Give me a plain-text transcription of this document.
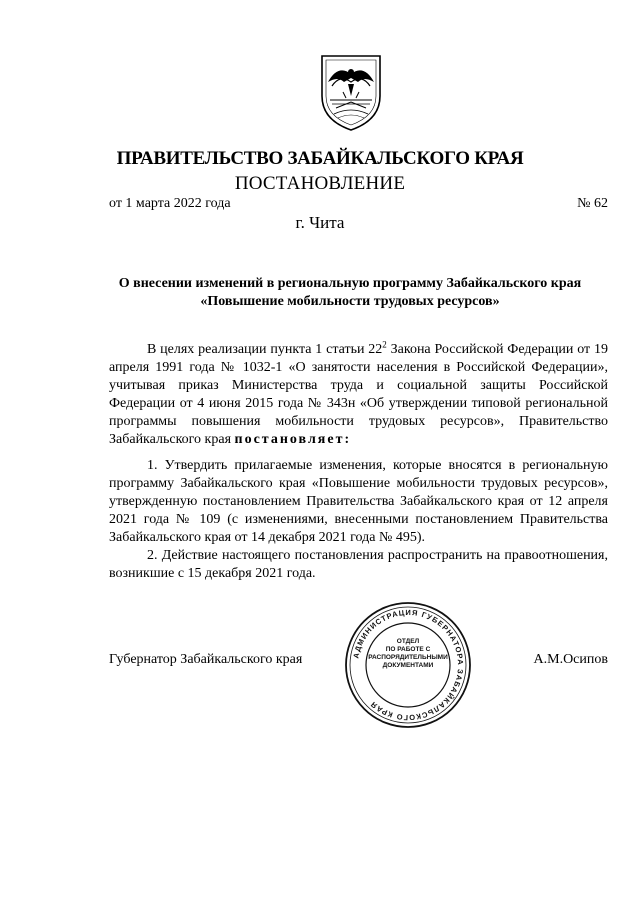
ПРАВИТЕЛЬСТВО ЗАБАЙКАЛЬСКОГО КРАЯ
ПОСТАНОВЛЕНИЕ
от 1 марта 2022 года	№ 62
г. Чита
О внесении изменений в региональную программу Забайкальского края
«Повышение мобильности трудовых ресурсов»

В целях реализации пункта 1 статьи $22^2$ Закона Российской Федерации от 19 апреля 1991 года № 1032-1 «О занятости населения в Российской Федерации», учитывая приказ Министерства труда и социальной защиты Российской Федерации от 4 июня 2015 года № 343н «Об утверждении типовой региональной программы повышения мобильности трудовых ресурсов», Правительство Забайкальского края постановляет:

1. Утвердить прилагаемые изменения, которые вносятся в региональную программу Забайкальского края «Повышение мобильности трудовых ресурсов», утвержденную постановлением Правительства Забайкальского края от 12 апреля 2021 года № 109 (с изменениями, внесенными постановлением Правительства Забайкальского края от 14 декабря 2021 года № 495).

2. Действие настоящего постановления распространить на правоотношения, возникшие с 15 декабря 2021 года.

Губернатор Забайкальского края	А.М.Осипов
АДМИНИСТРАЦИЯ ГУБЕРНАТОРА ЗАБАЙКАЛЬСКОГО КРАЯ
ОТДЕЛ
ПО РАБОТЕ С
РАСПОРЯДИТЕЛЬНЫМИ
ДОКУМЕНТАМИ
